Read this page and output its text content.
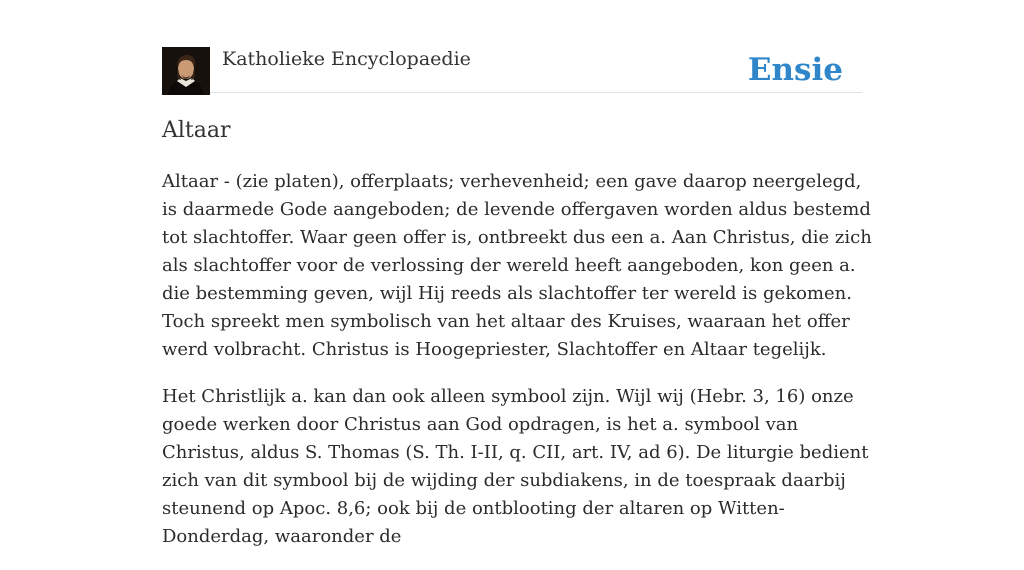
Katholieke Encyclopaedie	Ensie
Altaar

Altaar - (zie platen), offerplaats; verhevenheid; een gave daarop neergelegd, is daarmede Gode aangeboden; de levende offergaven worden aldus bestemd tot slachtoffer. Waar geen offer is, ontbreekt dus een a. Aan Christus, die zich als slachtoffer voor de verlossing der wereld heeft aangeboden, kon geen a. die bestemming geven, wijl Hij reeds als slachtoffer ter wereld is gekomen. Toch spreekt men symbolisch van het altaar des Kruises, waaraan het offer werd volbracht. Christus is Hoogepriester, Slachtoffer en Altaar tegelijk.

Het Christlijk a. kan dan ook alleen symbool zijn. Wijl wij (Hebr. 3, 16) onze goede werken door Christus aan God opdragen, is het a. symbool van Christus, aldus S. Thomas (S. Th. I-II, q. CII, art. IV, ad 6). De liturgie bedient zich van dit symbool bij de wijding der subdiakens, in de toespraak daarbij steunend op Apoc. 8,6; ook bij de ontblooting der altaren op Witten-Donderdag, waaronder de
